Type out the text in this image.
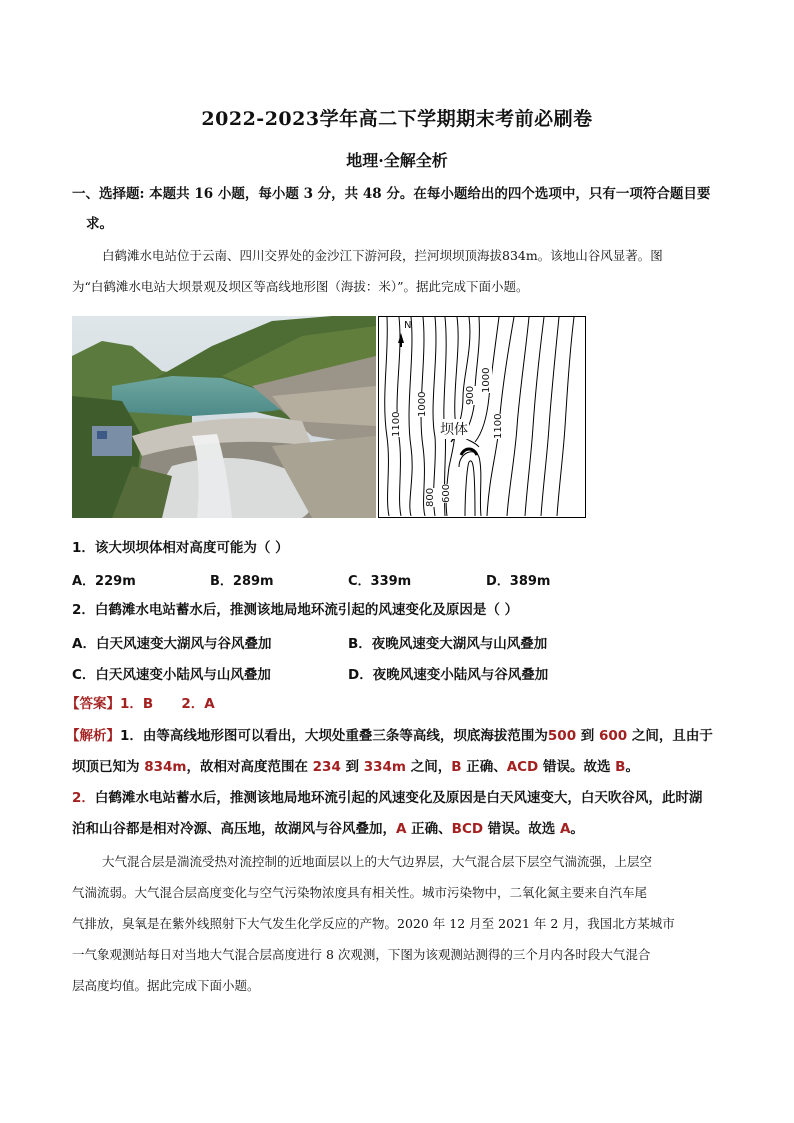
2022-2023学年高二下学期期末考前必刷卷
地理·全解全析
一、选择题: 本题共 16 小题，每小题 3 分，共 48 分。在每小题给出的四个选项中，只有一项符合题目要
求。
白鹤滩水电站位于云南、四川交界处的金沙江下游河段，拦河坝坝顶海拔834m。该地山谷风显著。图
为“白鹤滩水电站大坝景观及坝区等高线地形图（海拔：米）”。据此完成下面小题。
N
坝体
1100
1000	900
1000
1100
800 600
1．该大坝坝体相对高度可能为（ ）
A．229m	B．289m	C．339m	D．389m
2．白鹤滩水电站蓄水后，推测该地局地环流引起的风速变化及原因是（ ）
A．白天风速变大湖风与谷风叠加	B．夜晚风速变大湖风与山风叠加
C．白天风速变小陆风与山风叠加	D．夜晚风速变小陆风与谷风叠加
【答案】1．B      2．A
【解析】1．由等高线地形图可以看出，大坝处重叠三条等高线，坝底海拔范围为500 到 600 之间，且由于
坝顶已知为 834m，故相对高度范围在 234 到 334m 之间，B 正确、ACD 错误。故选 B。
2．白鹤滩水电站蓄水后，推测该地局地环流引起的风速变化及原因是白天风速变大，白天吹谷风，此时湖
泊和山谷都是相对冷源、高压地，故湖风与谷风叠加，A 正确、BCD 错误。故选 A。
大气混合层是湍流受热对流控制的近地面层以上的大气边界层，大气混合层下层空气湍流强，上层空
气湍流弱。大气混合层高度变化与空气污染物浓度具有相关性。城市污染物中，二氧化氮主要来自汽车尾
气排放，臭氧是在紫外线照射下大气发生化学反应的产物。2020 年 12 月至 2021 年 2 月，我国北方某城市
一气象观测站每日对当地大气混合层高度进行 8 次观测，下图为该观测站测得的三个月内各时段大气混合
层高度均值。据此完成下面小题。
